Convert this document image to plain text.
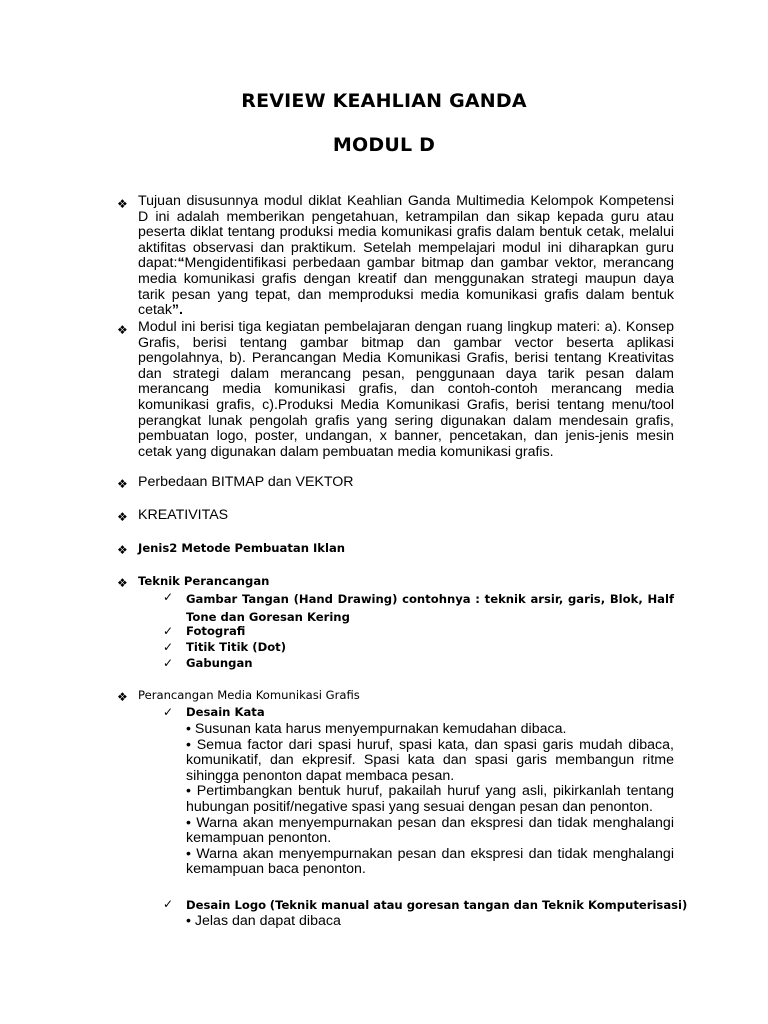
REVIEW KEAHLIAN GANDA
MODUL D
❖ Tujuan disusunnya modul diklat Keahlian Ganda Multimedia Kelompok Kompetensi D ini adalah memberikan pengetahuan, ketrampilan dan sikap kepada guru atau peserta diklat tentang produksi media komunikasi grafis dalam bentuk cetak, melalui aktifitas observasi dan praktikum. Setelah mempelajari modul ini diharapkan guru dapat:“Mengidentifikasi perbedaan gambar bitmap dan gambar vektor, merancang media komunikasi grafis dengan kreatif dan menggunakan strategi maupun daya tarik pesan yang tepat, dan memproduksi media komunikasi grafis dalam bentuk cetak”.
❖ Modul ini berisi tiga kegiatan pembelajaran dengan ruang lingkup materi: a). Konsep Grafis, berisi tentang gambar bitmap dan gambar vector beserta aplikasi pengolahnya, b). Perancangan Media Komunikasi Grafis, berisi tentang Kreativitas dan strategi dalam merancang pesan, penggunaan daya tarik pesan dalam merancang media komunikasi grafis, dan contoh-contoh merancang media komunikasi grafis, c).Produksi Media Komunikasi Grafis, berisi tentang menu/tool perangkat lunak pengolah grafis yang sering digunakan dalam mendesain grafis, pembuatan logo, poster, undangan, x banner, pencetakan, dan jenis-jenis mesin cetak yang digunakan dalam pembuatan media komunikasi grafis.
❖ Perbedaan BITMAP dan VEKTOR
❖ KREATIVITAS
❖ Jenis2 Metode Pembuatan Iklan
❖ Teknik Perancangan
✓ Gambar Tangan (Hand Drawing) contohnya : teknik arsir, garis, Blok, Half Tone dan Goresan Kering
✓ Fotografi
✓ Titik Titik (Dot)
✓ Gabungan
❖ Perancangan Media Komunikasi Grafis
✓ Desain Kata
• Susunan kata harus menyempurnakan kemudahan dibaca.
• Semua factor dari spasi huruf, spasi kata, dan spasi garis mudah dibaca, komunikatif, dan ekpresif. Spasi kata dan spasi garis membangun ritme sihingga penonton dapat membaca pesan.
• Pertimbangkan bentuk huruf, pakailah huruf yang asli, pikirkanlah tentang hubungan positif/negative spasi yang sesuai dengan pesan dan penonton.
• Warna akan menyempurnakan pesan dan ekspresi dan tidak menghalangi kemampuan penonton.
• Warna akan menyempurnakan pesan dan ekspresi dan tidak menghalangi kemampuan baca penonton.
✓ Desain Logo (Teknik manual atau goresan tangan dan Teknik Komputerisasi)
• Jelas dan dapat dibaca
